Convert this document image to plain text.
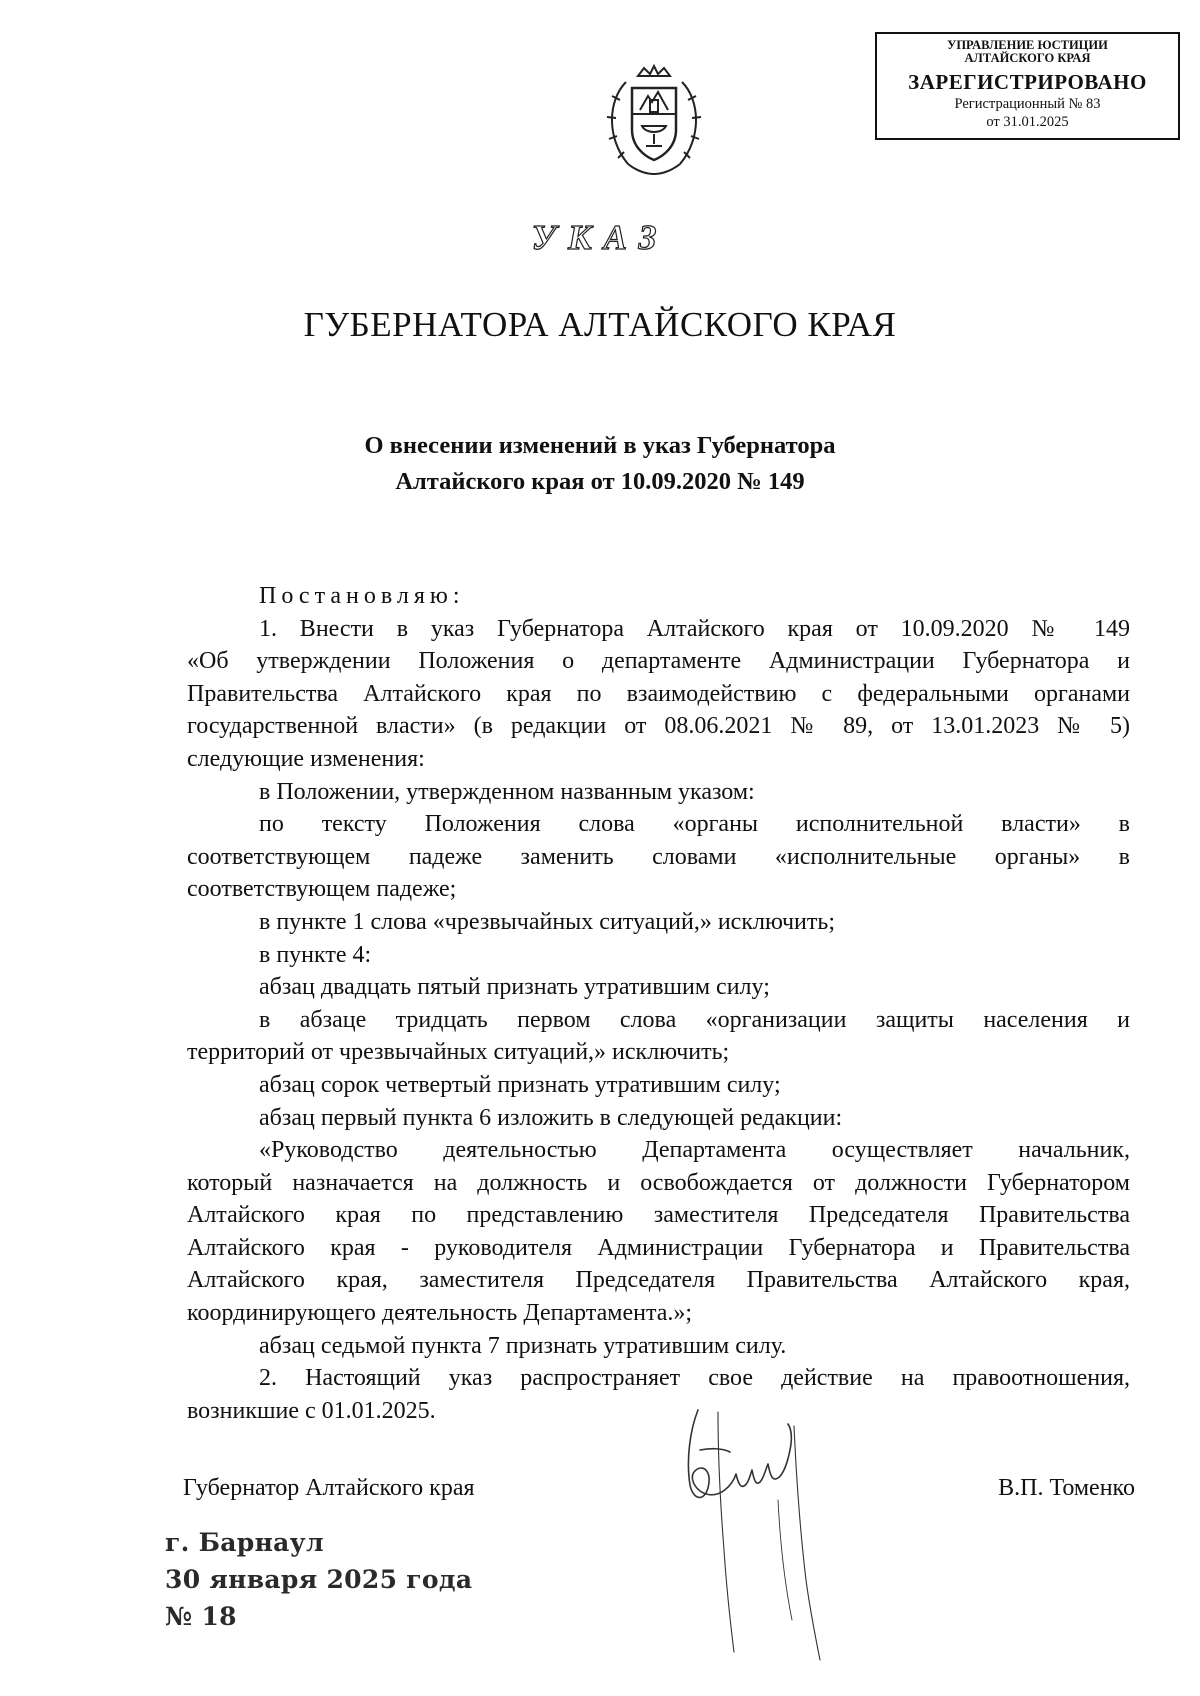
УПРАВЛЕНИЕ ЮСТИЦИИ
АЛТАЙСКОГО КРАЯ
ЗАРЕГИСТРИРОВАНО
Регистрационный № 83
от 31.01.2025
УКАЗ
ГУБЕРНАТОРА АЛТАЙСКОГО КРАЯ
О внесении изменений в указ Губернатора
Алтайского края от 10.09.2020 № 149

Постановляю:

1. Внести в указ Губернатора Алтайского края от 10.09.2020 № 149

«Об утверждении Положения о департаменте Администрации Губернатора и

Правительства Алтайского края по взаимодействию с федеральными органами

государственной власти» (в редакции от 08.06.2021 № 89, от 13.01.2023 № 5)

следующие изменения:

в Положении, утвержденном названным указом:

по тексту Положения слова «органы исполнительной власти» в

соответствующем падеже заменить словами «исполнительные органы» в

соответствующем падеже;

в пункте 1 слова «чрезвычайных ситуаций,» исключить;

в пункте 4:

абзац двадцать пятый признать утратившим силу;

в абзаце тридцать первом слова «организации защиты населения и

территорий от чрезвычайных ситуаций,» исключить;

абзац сорок четвертый признать утратившим силу;

абзац первый пункта 6 изложить в следующей редакции:

«Руководство деятельностью Департамента осуществляет начальник,

который назначается на должность и освобождается от должности Губернатором

Алтайского края по представлению заместителя Председателя Правительства

Алтайского края - руководителя Администрации Губернатора и Правительства

Алтайского края, заместителя Председателя Правительства Алтайского края,

координирующего деятельность Департамента.»;

абзац седьмой пункта 7 признать утратившим силу.

2. Настоящий указ распространяет свое действие на правоотношения,

возникшие с 01.01.2025.

Губернатор Алтайского края	В.П. Томенко
г. Барнаул
30 января 2025 года
№ 18
